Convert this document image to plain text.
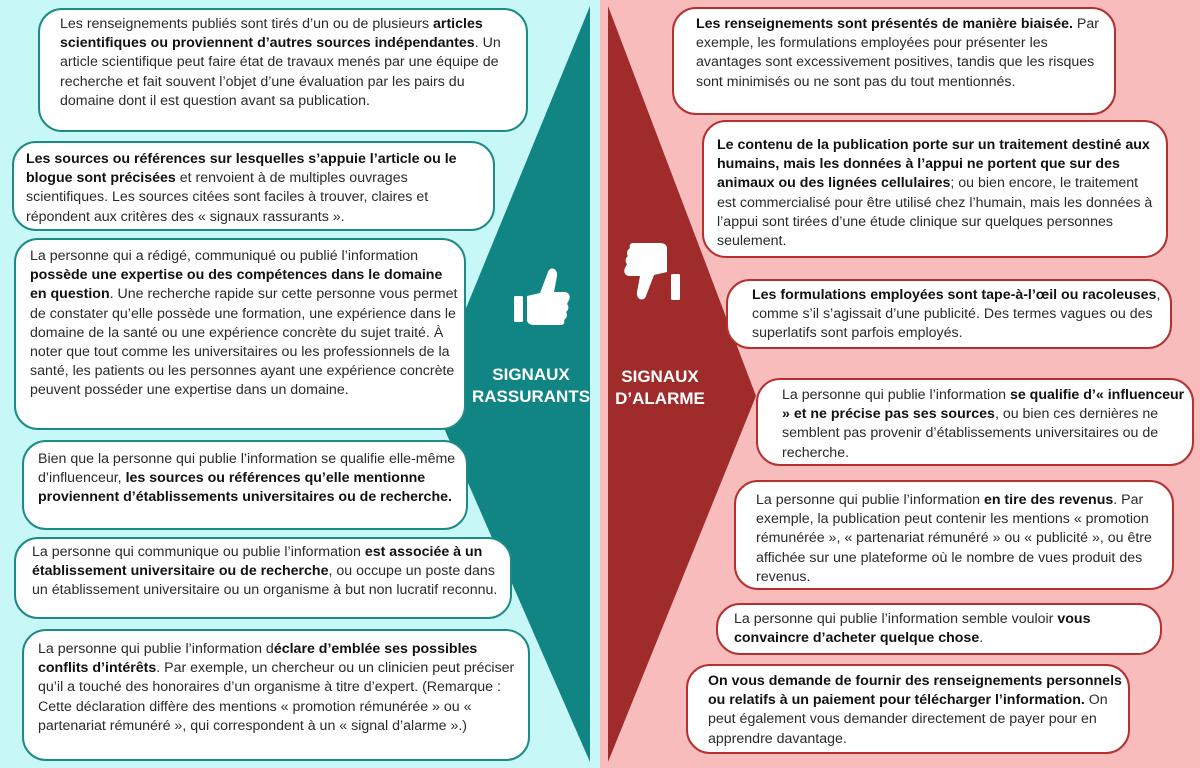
SIGNAUX
RASSURANTS
SIGNAUX
D’ALARME
Les renseignements publiés sont tirés d’un ou de plusieurs articles scientifiques ou proviennent d’autres sources indépendantes. Un article scientifique peut faire état de travaux menés par une équipe de recherche et fait souvent l’objet d’une évaluation par les pairs du domaine dont il est question avant sa publication.
Les sources ou références sur lesquelles s’appuie l’article ou le blogue sont précisées et renvoient à de multiples ouvrages scientifiques. Les sources citées sont faciles à trouver, claires et répondent aux critères des « signaux rassurants ».
La personne qui a rédigé, communiqué ou publié l’information possède une expertise ou des compétences dans le domaine en question. Une recherche rapide sur cette personne vous permet de constater qu’elle possède une formation, une expérience dans le domaine de la santé ou une expérience concrète du sujet traité. À noter que tout comme les universitaires ou les professionnels de la santé, les patients ou les personnes ayant une expérience concrète peuvent posséder une expertise dans un domaine.
Bien que la personne qui publie l’information se qualifie elle-même d’influenceur, les sources ou références qu’elle mentionne proviennent d’établissements universitaires ou de recherche.
La personne qui communique ou publie l’information est associée à un établissement universitaire ou de recherche, ou occupe un poste dans un établissement universitaire ou un organisme à but non lucratif reconnu.
La personne qui publie l’information déclare d’emblée ses possibles conflits d’intérêts. Par exemple, un chercheur ou un clinicien peut préciser qu’il a touché des honoraires d’un organisme à titre d’expert. (Remarque : Cette déclaration diffère des mentions « promotion rémunérée » ou « partenariat rémunéré », qui correspondent à un « signal d’alarme ».)
Les renseignements sont présentés de manière biaisée. Par exemple, les formulations employées pour présenter les avantages sont excessivement positives, tandis que les risques sont minimisés ou ne sont pas du tout mentionnés.
Le contenu de la publication porte sur un traitement destiné aux humains, mais les données à l’appui ne portent que sur des animaux ou des lignées cellulaires; ou bien encore, le traitement est commercialisé pour être utilisé chez l’humain, mais les données à l’appui sont tirées d’une étude clinique sur quelques personnes seulement.
Les formulations employées sont tape-à-l’œil ou racoleuses, comme s’il s’agissait d’une publicité. Des termes vagues ou des superlatifs sont parfois employés.
La personne qui publie l’information se qualifie d’« influenceur » et ne précise pas ses sources, ou bien ces dernières ne semblent pas provenir d’établissements universitaires ou de recherche.
La personne qui publie l’information en tire des revenus. Par exemple, la publication peut contenir les mentions « promotion rémunérée », « partenariat rémunéré » ou « publicité », ou être affichée sur une plateforme où le nombre de vues produit des revenus.
La personne qui publie l’information semble vouloir vous convaincre d’acheter quelque chose.
On vous demande de fournir des renseignements personnels ou relatifs à un paiement pour télécharger l’information. On peut également vous demander directement de payer pour en apprendre davantage.
